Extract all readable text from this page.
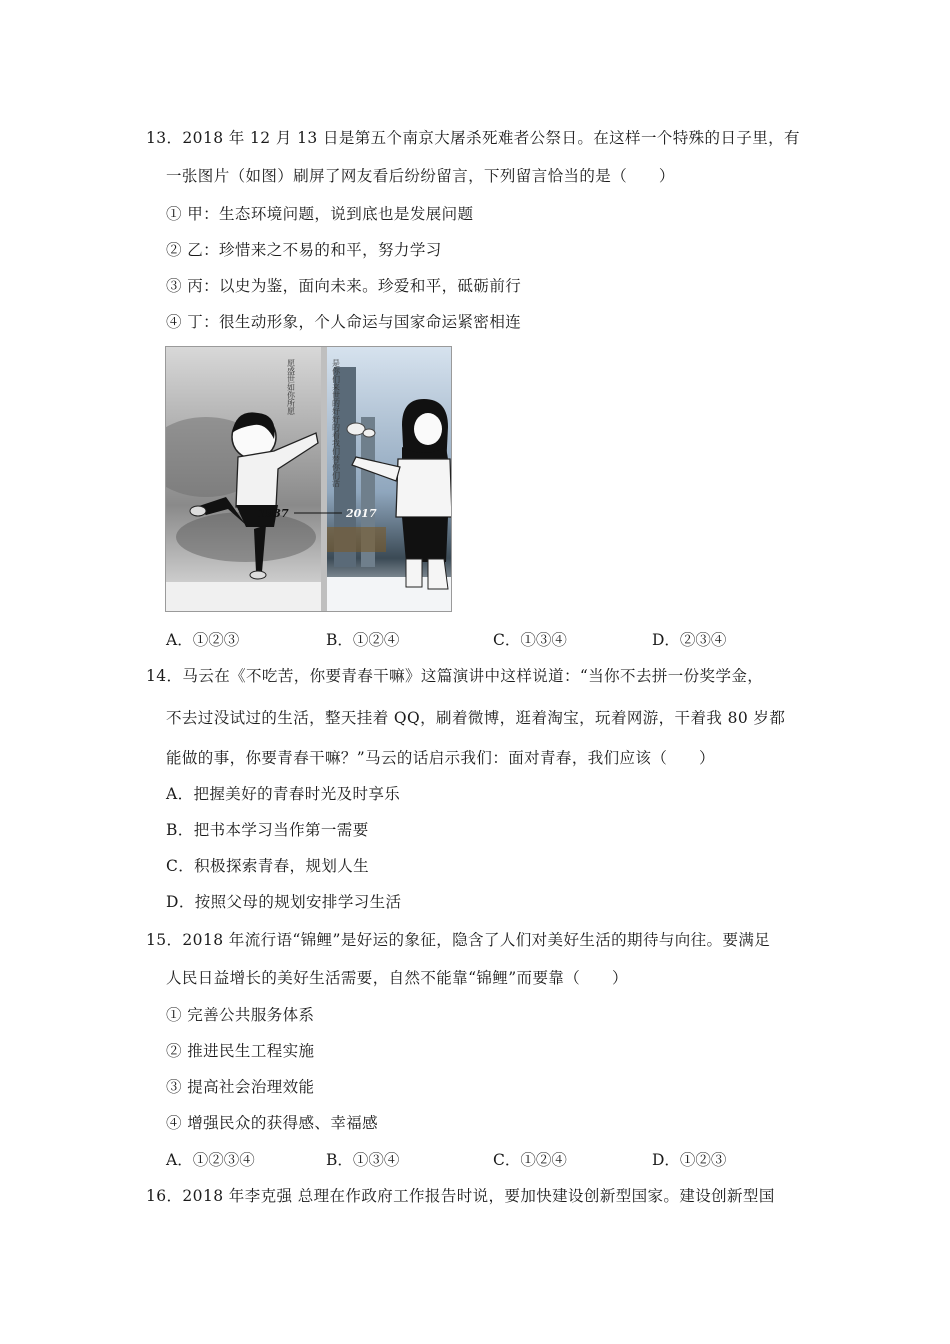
13．2018 年 12 月 13 日是第五个南京大屠杀死难者公祭日。在这样一个特殊的日子里，有
一张图片（如图）刷屏了网友看后纷纷留言，下列留言恰当的是（　　）
① 甲：生态环境问题，说到底也是发展问题
② 乙：珍惜来之不易的和平，努力学习
③ 丙：以史为鉴，面向未来。珍爱和平，砥砺前行
④ 丁：很生动形象，个人命运与国家命运紧密相连
愿盛世如你所愿	是你们来世的好好的看我们替你们活
1937	2017
A．①②③	B．①②④	C．①③④	D．②③④
14．马云在《不吃苦，你要青春干嘛》这篇演讲中这样说道：“当你不去拼一份奖学金，
不去过没试过的生活，整天挂着 QQ，刷着微博，逛着淘宝，玩着网游，干着我 80 岁都
能做的事，你要青春干嘛？”马云的话启示我们：面对青春，我们应该（　　）
A．把握美好的青春时光及时享乐
B．把书本学习当作第一需要
C．积极探索青春，规划人生
D．按照父母的规划安排学习生活
15．2018 年流行语“锦鲤”是好运的象征，隐含了人们对美好生活的期待与向往。要满足
人民日益增长的美好生活需要，自然不能靠“锦鲤”而要靠（　　）
① 完善公共服务体系
② 推进民生工程实施
③ 提高社会治理效能
④ 增强民众的获得感、幸福感
A．①②③④	B．①③④	C．①②④	D．①②③
16．2018 年李克强 总理在作政府工作报告时说，要加快建设创新型国家。建设创新型国
